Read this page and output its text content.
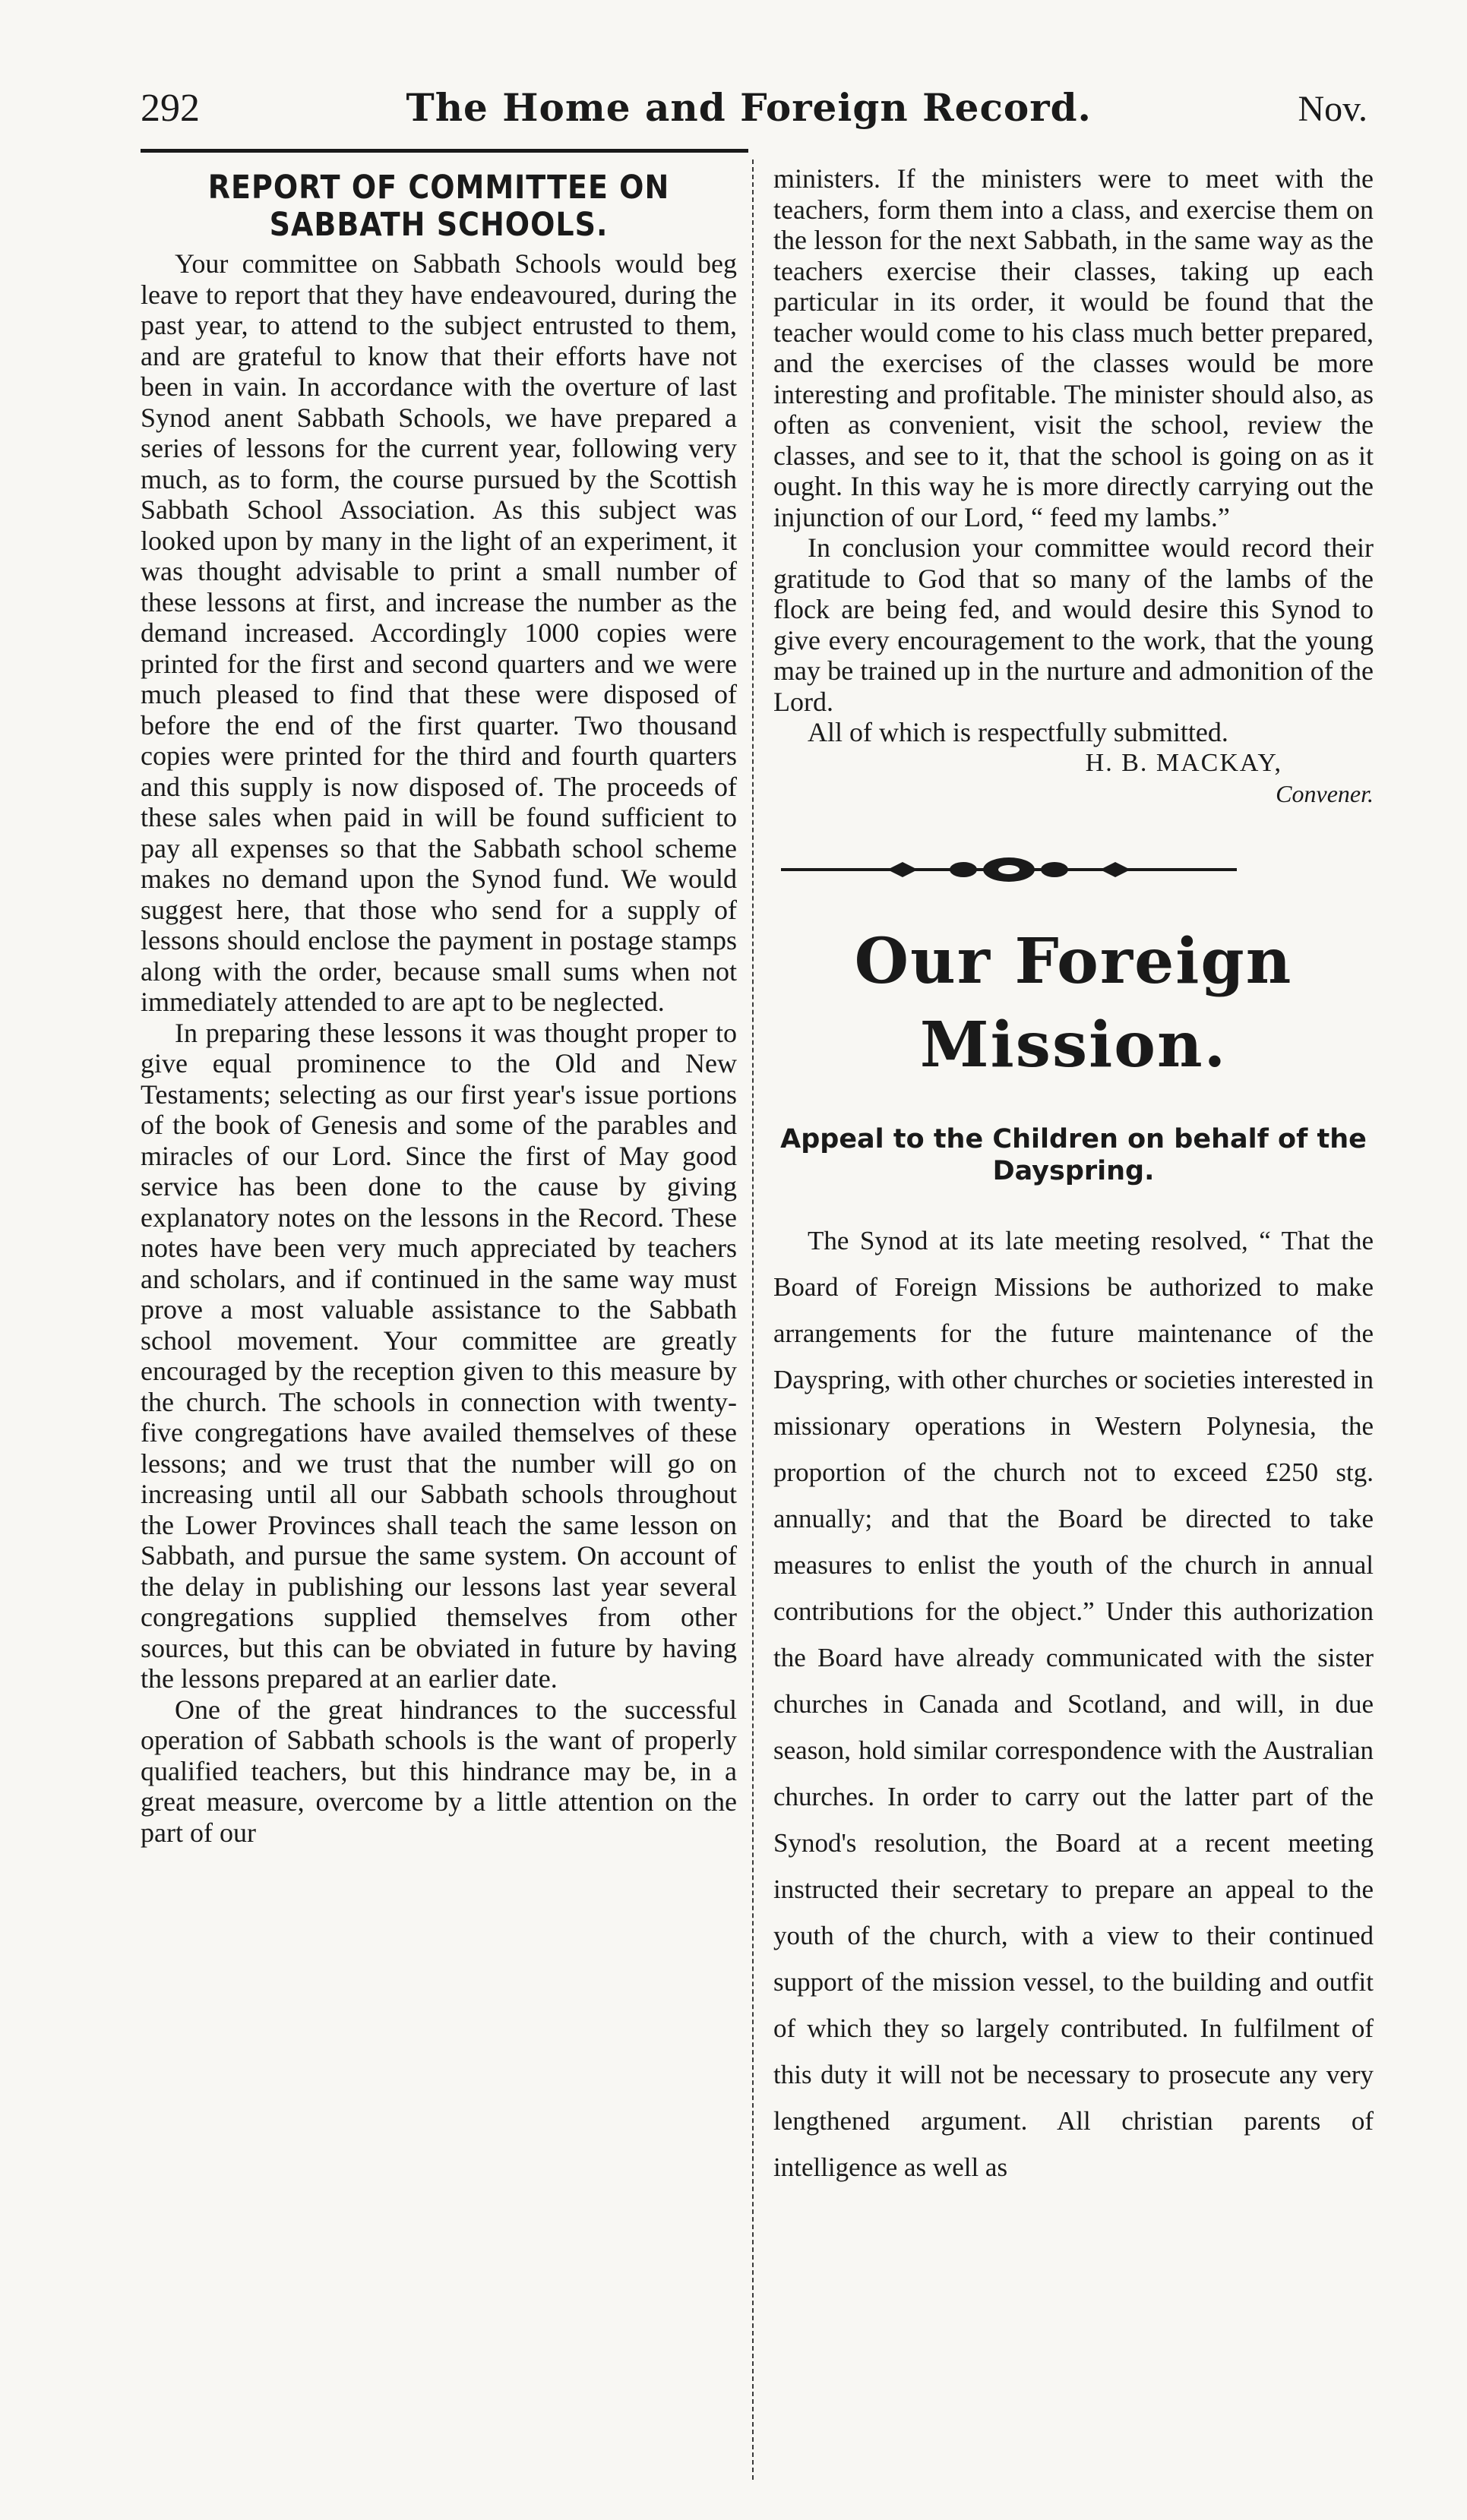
292	The Home and Foreign Record.	Nov.
REPORT OF COMMITTEE ON SABBATH SCHOOLS.

Your committee on Sabbath Schools would beg leave to report that they have endeavoured, during the past year, to attend to the subject entrusted to them, and are grateful to know that their efforts have not been in vain. In accordance with the overture of last Synod anent Sabbath Schools, we have prepared a series of lessons for the current year, following very much, as to form, the course pursued by the Scottish Sabbath School Association. As this subject was looked upon by many in the light of an experiment, it was thought advisable to print a small number of these lessons at first, and increase the number as the demand increased. Accordingly 1000 copies were printed for the first and second quarters and we were much pleased to find that these were disposed of before the end of the first quarter. Two thousand copies were printed for the third and fourth quarters and this supply is now disposed of. The proceeds of these sales when paid in will be found sufficient to pay all expenses so that the Sabbath school scheme makes no demand upon the Synod fund. We would suggest here, that those who send for a supply of lessons should enclose the payment in postage stamps along with the order, because small sums when not immediately attended to are apt to be neglected.

In preparing these lessons it was thought proper to give equal prominence to the Old and New Testaments; selecting as our first year's issue portions of the book of Genesis and some of the parables and miracles of our Lord. Since the first of May good service has been done to the cause by giving explanatory notes on the lessons in the Record. These notes have been very much appreciated by teachers and scholars, and if continued in the same way must prove a most valuable assistance to the Sabbath school movement. Your committee are greatly encouraged by the reception given to this measure by the church. The schools in connection with twenty-five congregations have availed themselves of these lessons; and we trust that the number will go on increasing until all our Sabbath schools throughout the Lower Provinces shall teach the same lesson on Sabbath, and pursue the same system. On account of the delay in publishing our lessons last year several congregations supplied themselves from other sources, but this can be obviated in future by having the lessons prepared at an earlier date.

One of the great hindrances to the successful operation of Sabbath schools is the want of properly qualified teachers, but this hindrance may be, in a great measure, overcome by a little attention on the part of our

ministers. If the ministers were to meet with the teachers, form them into a class, and exercise them on the lesson for the next Sabbath, in the same way as the teachers exercise their classes, taking up each particular in its order, it would be found that the teacher would come to his class much better prepared, and the exercises of the classes would be more interesting and profitable. The minister should also, as often as convenient, visit the school, review the classes, and see to it, that the school is going on as it ought. In this way he is more directly carrying out the injunction of our Lord, “ feed my lambs.”

In conclusion your committee would record their gratitude to God that so many of the lambs of the flock are being fed, and would desire this Synod to give every encouragement to the work, that the young may be trained up in the nurture and admonition of the Lord.

All of which is respectfully submitted.

H. B. MACKAY,
Convener.
Our Foreign Mission.
Appeal to the Children on behalf of the Dayspring.

The Synod at its late meeting resolved, “ That the Board of Foreign Missions be authorized to make arrangements for the future maintenance of the Dayspring, with other churches or societies interested in missionary operations in Western Polynesia, the proportion of the church not to exceed £250 stg. annually; and that the Board be directed to take measures to enlist the youth of the church in annual contributions for the object.” Under this authorization the Board have already communicated with the sister churches in Canada and Scotland, and will, in due season, hold similar correspondence with the Australian churches. In order to carry out the latter part of the Synod's resolution, the Board at a recent meeting instructed their secretary to prepare an appeal to the youth of the church, with a view to their continued support of the mission vessel, to the building and outfit of which they so largely contributed. In fulfilment of this duty it will not be necessary to prosecute any very lengthened argument. All christian parents of intelligence as well as
